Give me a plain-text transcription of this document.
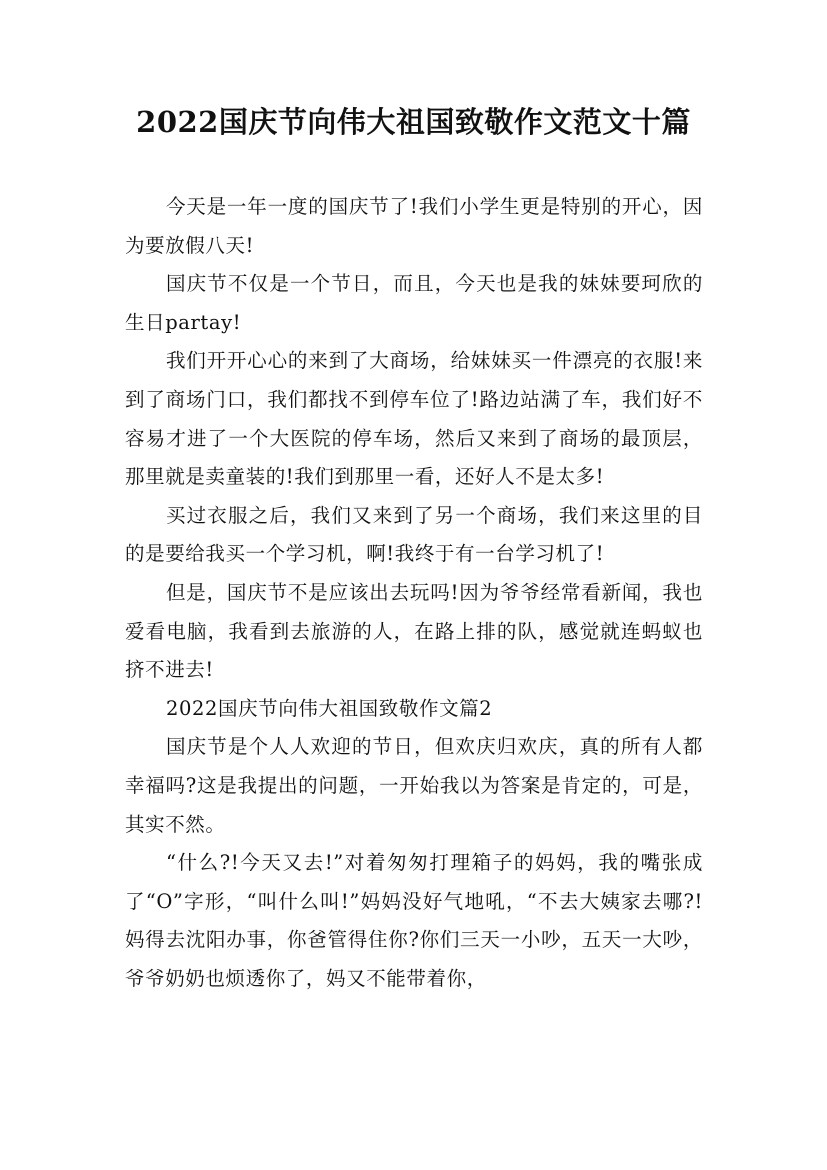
2022国庆节向伟大祖国致敬作文范文十篇

今天是一年一度的国庆节了!我们小学生更是特别的开心，因为要放假八天!

国庆节不仅是一个节日，而且，今天也是我的妹妹要珂欣的生日partay!

我们开开心心的来到了大商场，给妹妹买一件漂亮的衣服!来到了商场门口，我们都找不到停车位了!路边站满了车，我们好不容易才进了一个大医院的停车场，然后又来到了商场的最顶层，那里就是卖童装的!我们到那里一看，还好人不是太多!

买过衣服之后，我们又来到了另一个商场，我们来这里的目的是要给我买一个学习机，啊!我终于有一台学习机了!

但是，国庆节不是应该出去玩吗!因为爷爷经常看新闻，我也爱看电脑，我看到去旅游的人，在路上排的队，感觉就连蚂蚁也挤不进去!

2022国庆节向伟大祖国致敬作文篇2

国庆节是个人人欢迎的节日，但欢庆归欢庆，真的所有人都幸福吗?这是我提出的问题，一开始我以为答案是肯定的，可是，其实不然。

“什么?!今天又去!”对着匆匆打理箱子的妈妈，我的嘴张成了“O”字形，“叫什么叫!”妈妈没好气地吼，“不去大姨家去哪?!妈得去沈阳办事，你爸管得住你?你们三天一小吵，五天一大吵，爷爷奶奶也烦透你了，妈又不能带着你，
